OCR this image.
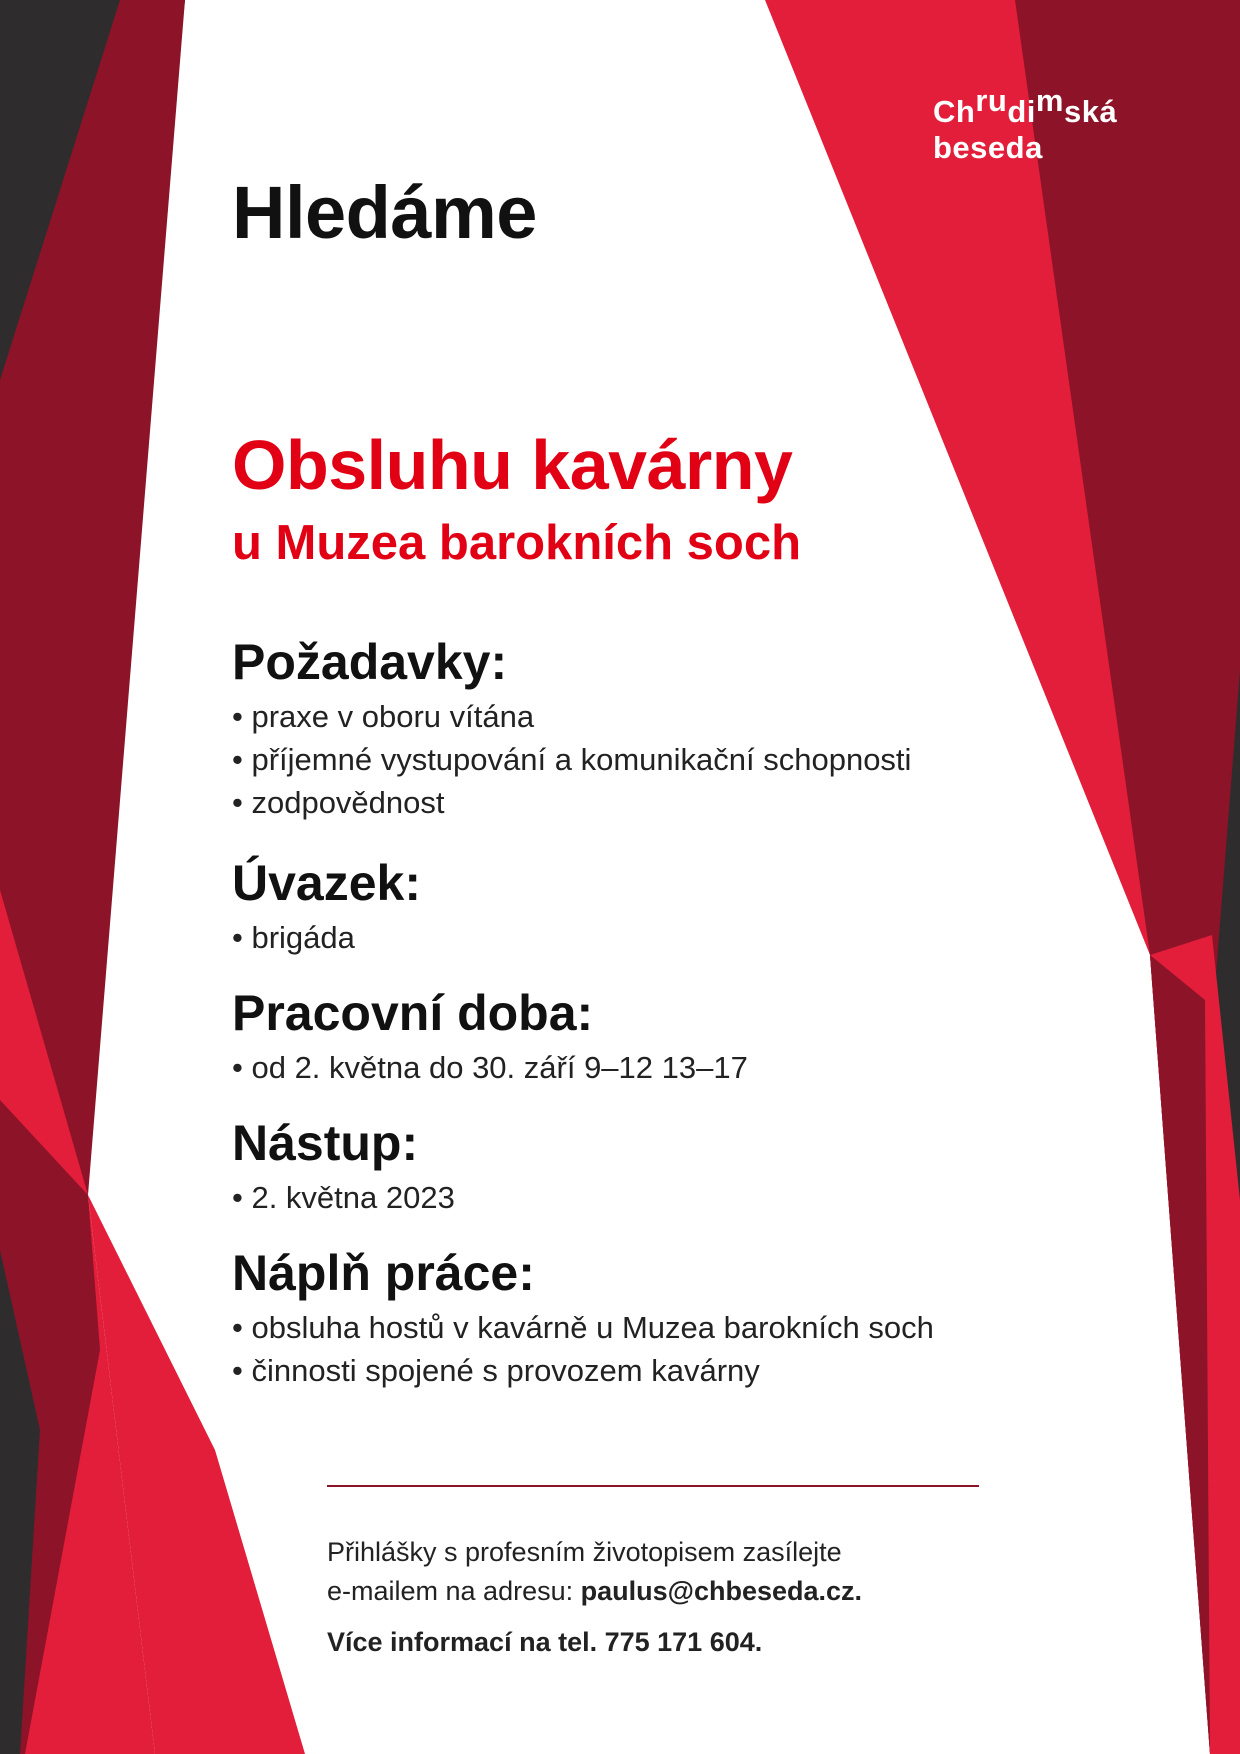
Chrudimská
beseda
Hledáme
Obsluhu kavárny
u Muzea barokních soch
Požadavky:
• praxe v oboru vítána
• příjemné vystupování a komunikační schopnosti
• zodpovědnost
Úvazek:
• brigáda
Pracovní doba:
• od 2. května do 30. září 9–12 13–17
Nástup:
• 2. května 2023
Náplň práce:
• obsluha hostů v kavárně u Muzea barokních soch
• činnosti spojené s provozem kavárny

Přihlášky s profesním životopisem zasílejte

e-mailem na adresu: paulus@chbeseda.cz.

Více informací na tel. 775 171 604.
